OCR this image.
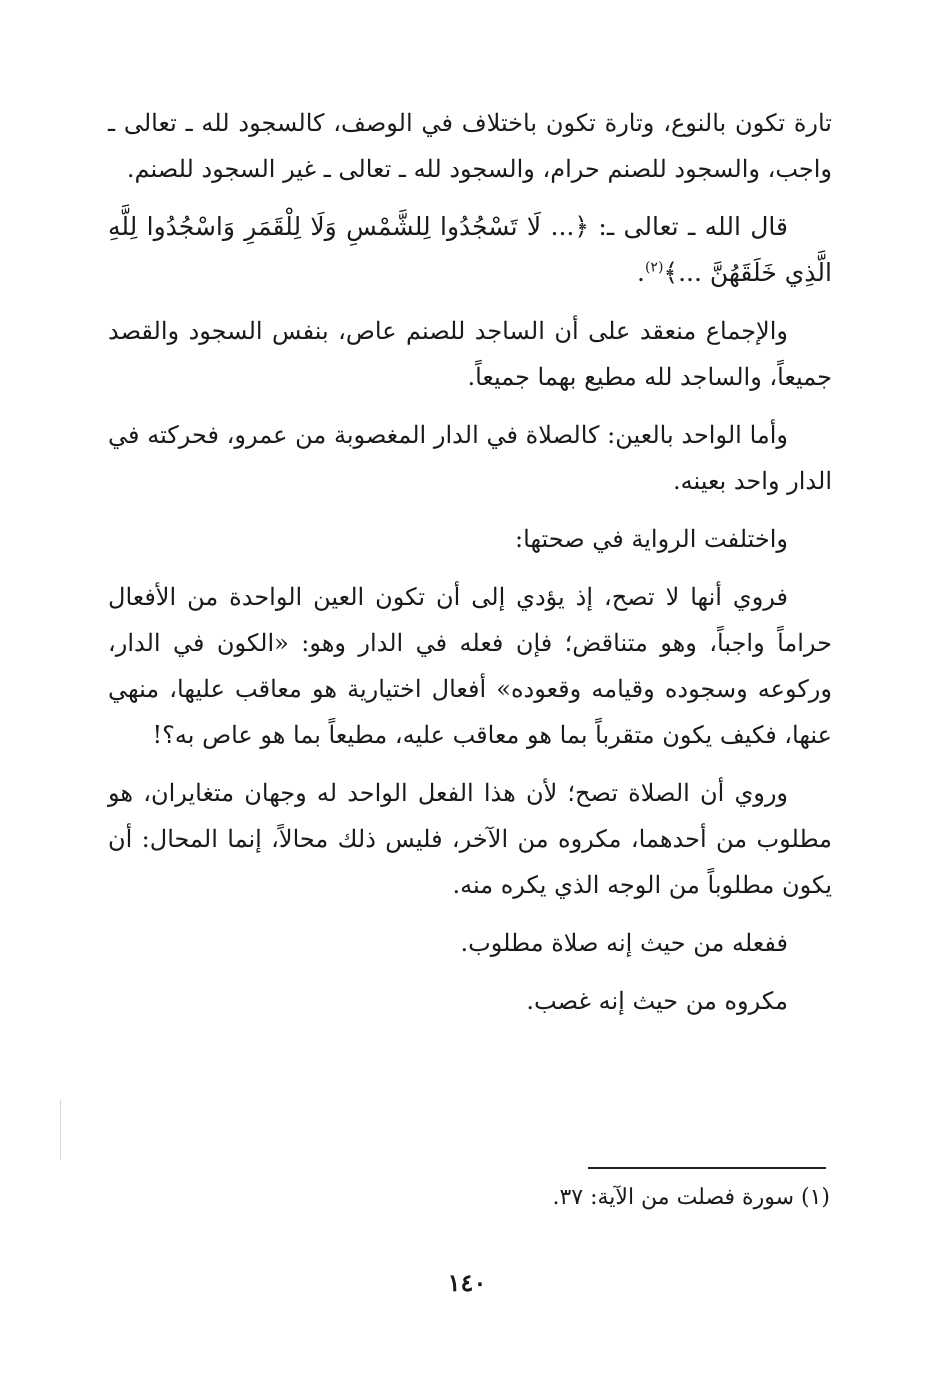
تارة تكون بالنوع، وتارة تكون باختلاف في الوصف، كالسجود لله ـ تعالى ـ واجب، والسجود للصنم حرام، والسجود لله ـ تعالى ـ غير السجود للصنم.

قال الله ـ تعالى ـ: ﴿... لَا تَسْجُدُوا لِلشَّمْسِ وَلَا لِلْقَمَرِ وَاسْجُدُوا لِلَّهِ الَّذِي خَلَقَهُنَّ ...﴾$^{(٢)}$.

والإجماع منعقد على أن الساجد للصنم عاص، بنفس السجود والقصد جميعاً، والساجد لله مطيع بهما جميعاً.

وأما الواحد بالعين: كالصلاة في الدار المغصوبة من عمرو، فحركته في الدار واحد بعينه.

واختلفت الرواية في صحتها:

فروي أنها لا تصح، إذ يؤدي إلى أن تكون العين الواحدة من الأفعال حراماً واجباً، وهو متناقض؛ فإن فعله في الدار وهو: «الكون في الدار، وركوعه وسجوده وقيامه وقعوده» أفعال اختيارية هو معاقب عليها، منهي عنها، فكيف يكون متقرباً بما هو معاقب عليه، مطيعاً بما هو عاص به؟!

وروي أن الصلاة تصح؛ لأن هذا الفعل الواحد له وجهان متغايران، هو مطلوب من أحدهما، مكروه من الآخر، فليس ذلك محالاً، إنما المحال: أن يكون مطلوباً من الوجه الذي يكره منه.

ففعله من حيث إنه صلاة مطلوب.

مكروه من حيث إنه غصب.

(١) سورة فصلت من الآية: ٣٧.
١٤٠
